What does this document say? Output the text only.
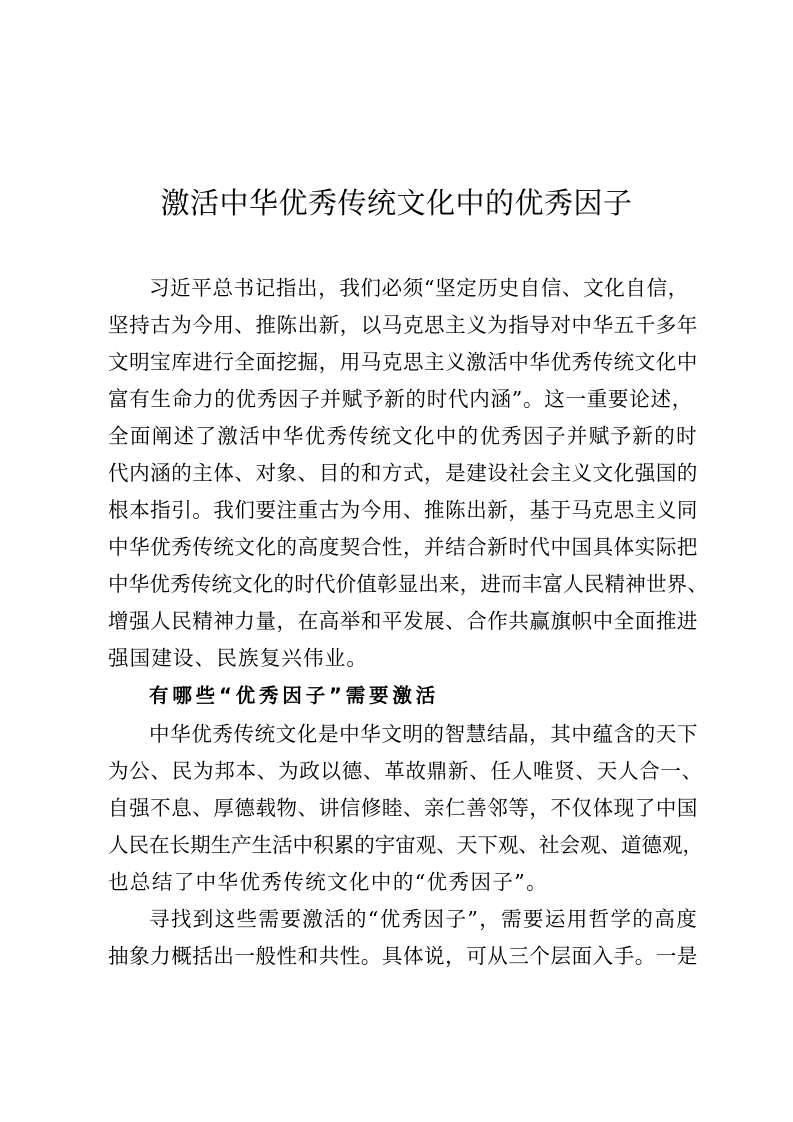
激活中华优秀传统文化中的优秀因子
习近平总书记指出，我们必须“坚定历史自信、文化自信，
坚持古为今用、推陈出新，以马克思主义为指导对中华五千多年
文明宝库进行全面挖掘，用马克思主义激活中华优秀传统文化中
富有生命力的优秀因子并赋予新的时代内涵”。这一重要论述，
全面阐述了激活中华优秀传统文化中的优秀因子并赋予新的时
代内涵的主体、对象、目的和方式，是建设社会主义文化强国的
根本指引。我们要注重古为今用、推陈出新，基于马克思主义同
中华优秀传统文化的高度契合性，并结合新时代中国具体实际把
中华优秀传统文化的时代价值彰显出来，进而丰富人民精神世界、
增强人民精神力量，在高举和平发展、合作共赢旗帜中全面推进
强国建设、民族复兴伟业。
有哪些“优秀因子”需要激活
中华优秀传统文化是中华文明的智慧结晶，其中蕴含的天下
为公、民为邦本、为政以德、革故鼎新、任人唯贤、天人合一、
自强不息、厚德载物、讲信修睦、亲仁善邻等，不仅体现了中国
人民在长期生产生活中积累的宇宙观、天下观、社会观、道德观，
也总结了中华优秀传统文化中的“优秀因子”。
寻找到这些需要激活的“优秀因子”，需要运用哲学的高度
抽象力概括出一般性和共性。具体说，可从三个层面入手。一是
